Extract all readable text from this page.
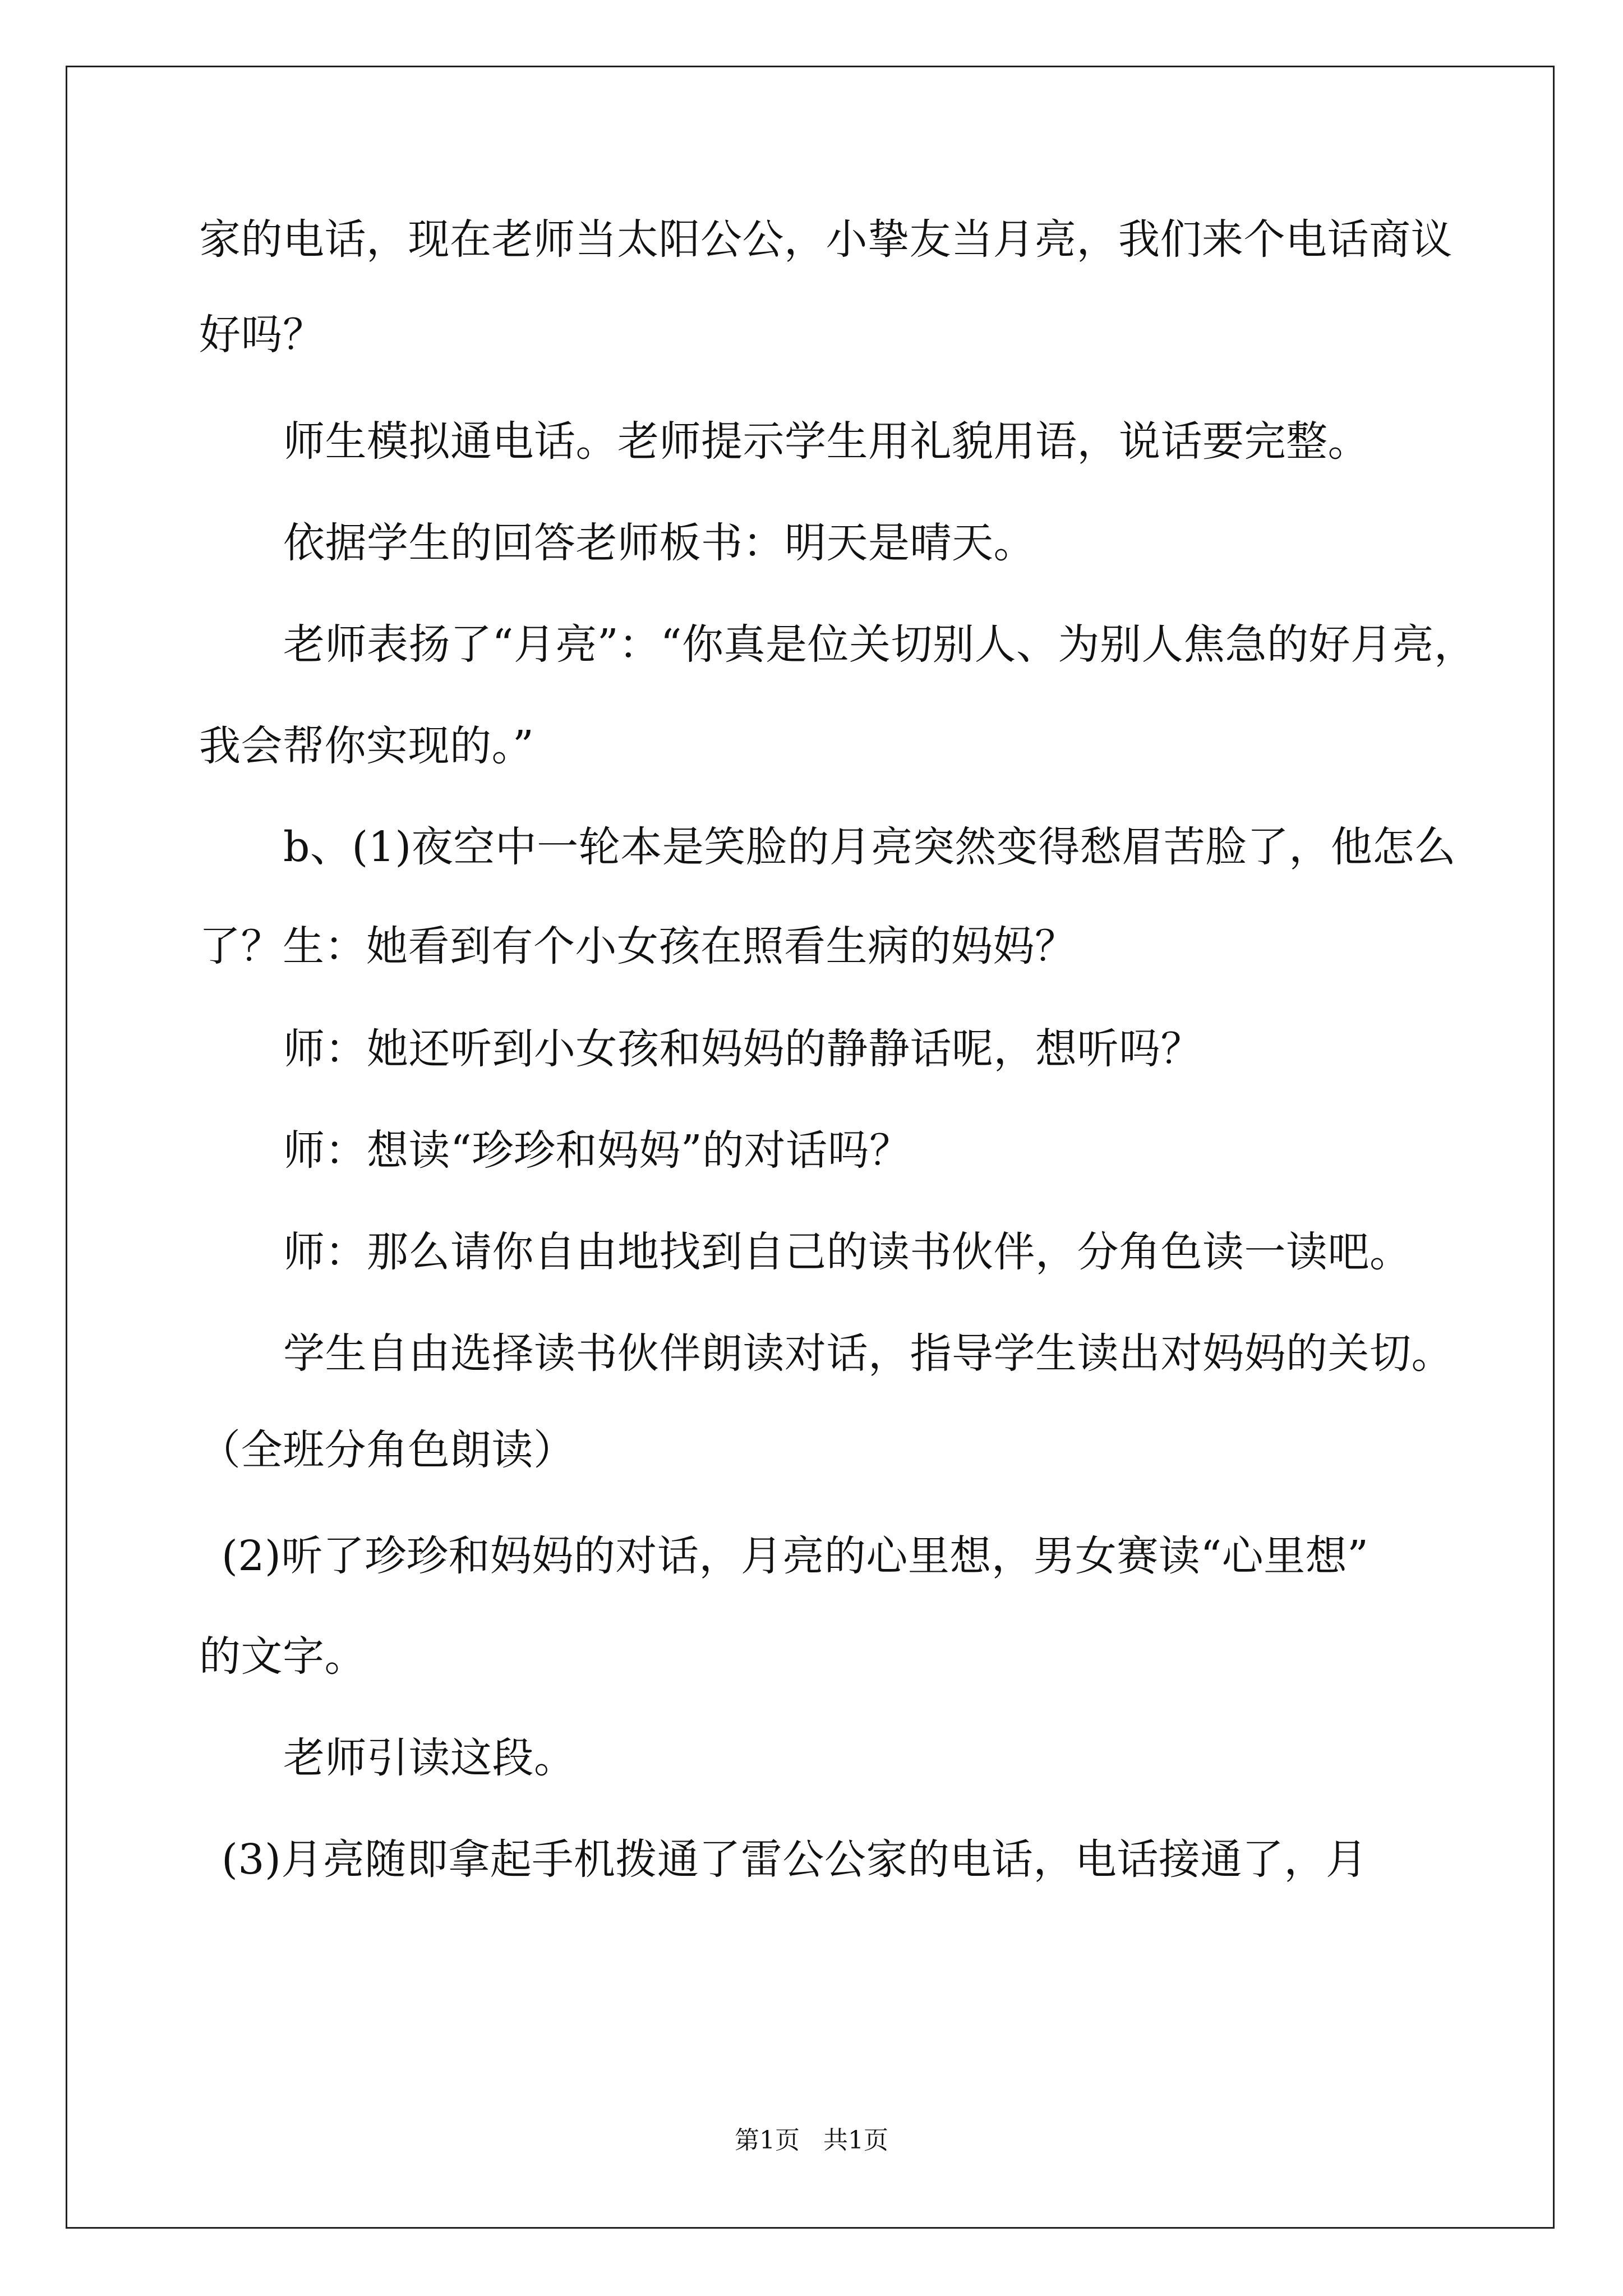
家的电话，现在老师当太阳公公，小挚友当月亮，我们来个电话商议
好吗？
师生模拟通电话。老师提示学生用礼貌用语，说话要完整。
依据学生的回答老师板书：明天是晴天。
老师表扬了“月亮”：“你真是位关切别人、为别人焦急的好月亮，
我会帮你实现的。”
b、(1)夜空中一轮本是笑脸的月亮突然变得愁眉苦脸了，他怎么
了？生：她看到有个小女孩在照看生病的妈妈？
师：她还听到小女孩和妈妈的静静话呢，想听吗？
师：想读“珍珍和妈妈”的对话吗？
师：那么请你自由地找到自己的读书伙伴，分角色读一读吧。
学生自由选择读书伙伴朗读对话，指导学生读出对妈妈的关切。
（全班分角色朗读）
(2)听了珍珍和妈妈的对话，月亮的心里想，男女赛读“心里想”
的文字。
老师引读这段。
(3)月亮随即拿起手机拨通了雷公公家的电话，电话接通了，月
第1页   共1页
